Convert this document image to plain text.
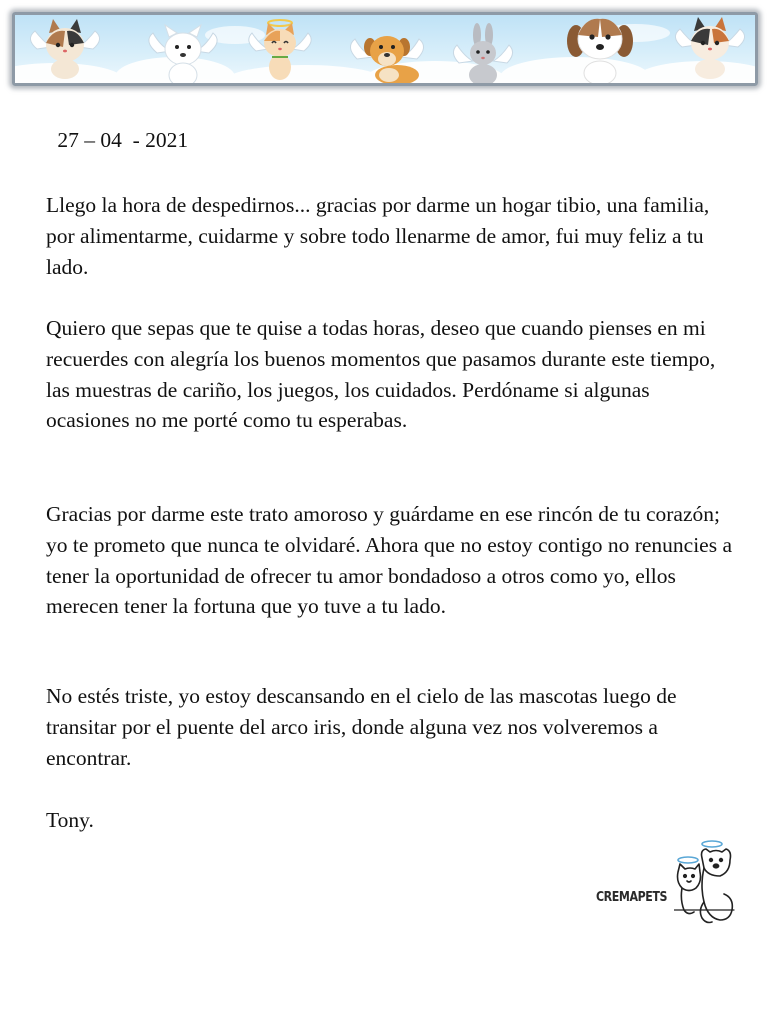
27 – 04  - 2021

Llego la hora de despedirnos... gracias por darme un hogar tibio, una familia, por alimentarme, cuidarme y sobre todo llenarme de amor, fui muy feliz a tu lado.

Quiero que sepas que te quise a todas horas, deseo que cuando pienses en mi recuerdes con alegría los buenos momentos que pasamos durante este tiempo, las muestras de cariño, los juegos, los cuidados. Perdóname si algunas ocasiones no me porté como tu esperabas.

Gracias por darme este trato amoroso y guárdame en ese rincón de tu corazón; yo te prometo que nunca te olvidaré. Ahora que no estoy contigo no renuncies a tener la oportunidad de ofrecer tu amor bondadoso a otros como yo, ellos merecen tener la fortuna que yo tuve a tu lado.

No estés triste, yo estoy descansando en el cielo de las mascotas luego de transitar por el puente del arco iris, donde alguna vez nos volveremos a encontrar.

Tony.

CREMAPETS
